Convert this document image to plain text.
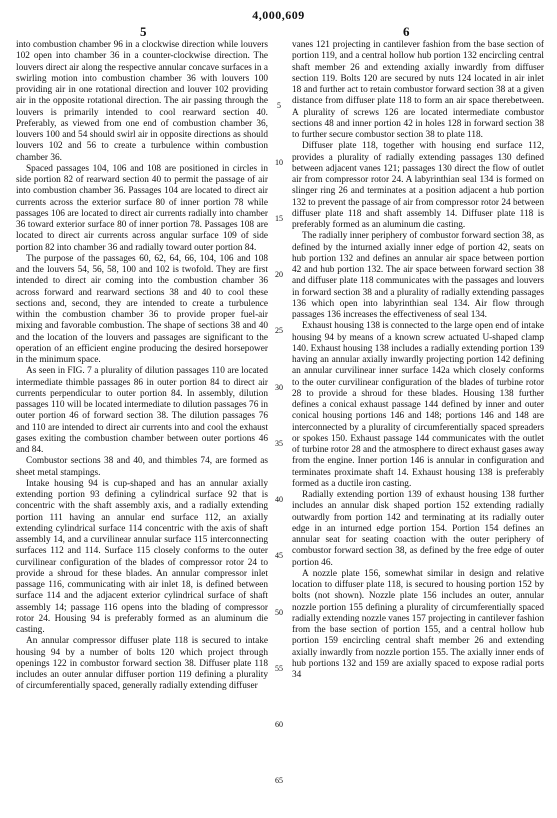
4,000,609
5	6

into combustion chamber 96 in a clockwise direction while louvers 102 open into chamber 36 in a counter-clockwise direction. The louvers direct air along the respective annular concave surfaces in a swirling motion into combustion chamber 36 with louvers 100 providing air in one rotational direction and louver 102 providing air in the opposite rotational direction. The air passing through the louvers is primarily intended to cool rearward section 40. Preferably, as viewed from one end of combustion chamber 36, louvers 100 and 54 should swirl air in opposite directions as should louvers 102 and 56 to create a turbulence within combustion chamber 36.

Spaced passages 104, 106 and 108 are positioned in circles in side portion 82 of rearward section 40 to permit the passage of air into combustion chamber 36. Passages 104 are located to direct air currents across the exterior surface 80 of inner portion 78 while passages 106 are located to direct air currents radially into chamber 36 toward exterior surface 80 of inner portion 78. Passages 108 are located to direct air currents across angular surface 109 of side portion 82 into chamber 36 and radially toward outer portion 84.

The purpose of the passages 60, 62, 64, 66, 104, 106 and 108 and the louvers 54, 56, 58, 100 and 102 is twofold. They are first intended to direct air coming into the combustion chamber 36 across forward and rearward sections 38 and 40 to cool these sections and, second, they are intended to create a turbulence within the combustion chamber 36 to provide proper fuel-air mixing and favorable combustion. The shape of sections 38 and 40 and the location of the louvers and passages are significant to the operation of an efficient engine producing the desired horsepower in the minimum space.

As seen in FIG. 7 a plurality of dilution passages 110 are located intermediate thimble passages 86 in outer portion 84 to direct air currents perpendicular to outer portion 84. In assembly, dilution passages 110 will be located intermediate to dilution passages 76 in outer portion 46 of forward section 38. The dilution passages 76 and 110 are intended to direct air currents into and cool the exhaust gases exiting the combustion chamber between outer portions 46 and 84.

Combustor sections 38 and 40, and thimbles 74, are formed as sheet metal stampings.

Intake housing 94 is cup-shaped and has an annular axially extending portion 93 defining a cylindrical surface 92 that is concentric with the shaft assembly axis, and a radially extending portion 111 having an annular end surface 112, an axially extending cylindrical surface 114 concentric with the axis of shaft assembly 14, and a curvilinear annular surface 115 interconnecting surfaces 112 and 114. Surface 115 closely conforms to the outer curvilinear configuration of the blades of compressor rotor 24 to provide a shroud for these blades. An annular compressor inlet passage 116, communicating with air inlet 18, is defined between surface 114 and the adjacent exterior cylindrical surface of shaft assembly 14; passage 116 opens into the blading of compressor rotor 24. Housing 94 is preferably formed as an aluminum die casting.

An annular compressor diffuser plate 118 is secured to intake housing 94 by a number of bolts 120 which project through openings 122 in combustor forward section 38. Diffuser plate 118 includes an outer annular diffuser portion 119 defining a plurality of circumferentially spaced, generally radially extending diffuser

5
10
15
20
25
30
35
40
45
50
55
60
65

vanes 121 projecting in cantilever fashion from the base section of portion 119, and a central hollow hub portion 132 encircling central shaft member 26 and extending axially inwardly from diffuser section 119. Bolts 120 are secured by nuts 124 located in air inlet 18 and further act to retain combustor forward section 38 at a given distance from diffuser plate 118 to form an air space therebetween. A plurality of screws 126 are located intermediate combustor sections 48 and inner portion 42 in holes 128 in forward section 38 to further secure combustor section 38 to plate 118.

Diffuser plate 118, together with housing end surface 112, provides a plurality of radially extending passages 130 defined between adjacent vanes 121; passages 130 direct the flow of outlet air from compressor rotor 24. A labyrinthian seal 134 is formed on slinger ring 26 and terminates at a position adjacent a hub portion 132 to prevent the passage of air from compressor rotor 24 between diffuser plate 118 and shaft assembly 14. Diffuser plate 118 is preferably formed as an aluminum die casting.

The radially inner periphery of combustor forward section 38, as defined by the inturned axially inner edge of portion 42, seats on hub portion 132 and defines an annular air space between portion 42 and hub portion 132. The air space between forward section 38 and diffuser plate 118 communicates with the passages and louvers in forward section 38 and a plurality of radially extending passages 136 which open into labyrinthian seal 134. Air flow through passages 136 increases the effectiveness of seal 134.

Exhaust housing 138 is connected to the large open end of intake housing 94 by means of a known screw actuated U-shaped clamp 140. Exhaust housing 138 includes a radially extending portion 139 having an annular axially inwardly projecting portion 142 defining an annular curvilinear inner surface 142a which closely conforms to the outer curvilinear configuration of the blades of turbine rotor 28 to provide a shroud for these blades. Housing 138 further defines a conical exhaust passage 144 defined by inner and outer conical housing portions 146 and 148; portions 146 and 148 are interconnected by a plurality of circumferentially spaced spreaders or spokes 150. Exhaust passage 144 communicates with the outlet of turbine rotor 28 and the atmosphere to direct exhaust gases away from the engine. Inner portion 146 is annular in configuration and terminates proximate shaft 14. Exhaust housing 138 is preferably formed as a ductile iron casting.

Radially extending portion 139 of exhaust housing 138 further includes an annular disk shaped portion 152 extending radially outwardly from portion 142 and terminating at its radially outer edge in an inturned edge portion 154. Portion 154 defines an annular seat for seating coaction with the outer periphery of combustor forward section 38, as defined by the free edge of outer portion 46.

A nozzle plate 156, somewhat similar in design and relative location to diffuser plate 118, is secured to housing portion 152 by bolts (not shown). Nozzle plate 156 includes an outer, annular nozzle portion 155 defining a plurality of circumferentially spaced radially extending nozzle vanes 157 projecting in cantilever fashion from the base section of portion 155, and a central hollow hub portion 159 encircling central shaft member 26 and extending axially inwardly from nozzle portion 155. The axially inner ends of hub portions 132 and 159 are axially spaced to expose radial ports 34
